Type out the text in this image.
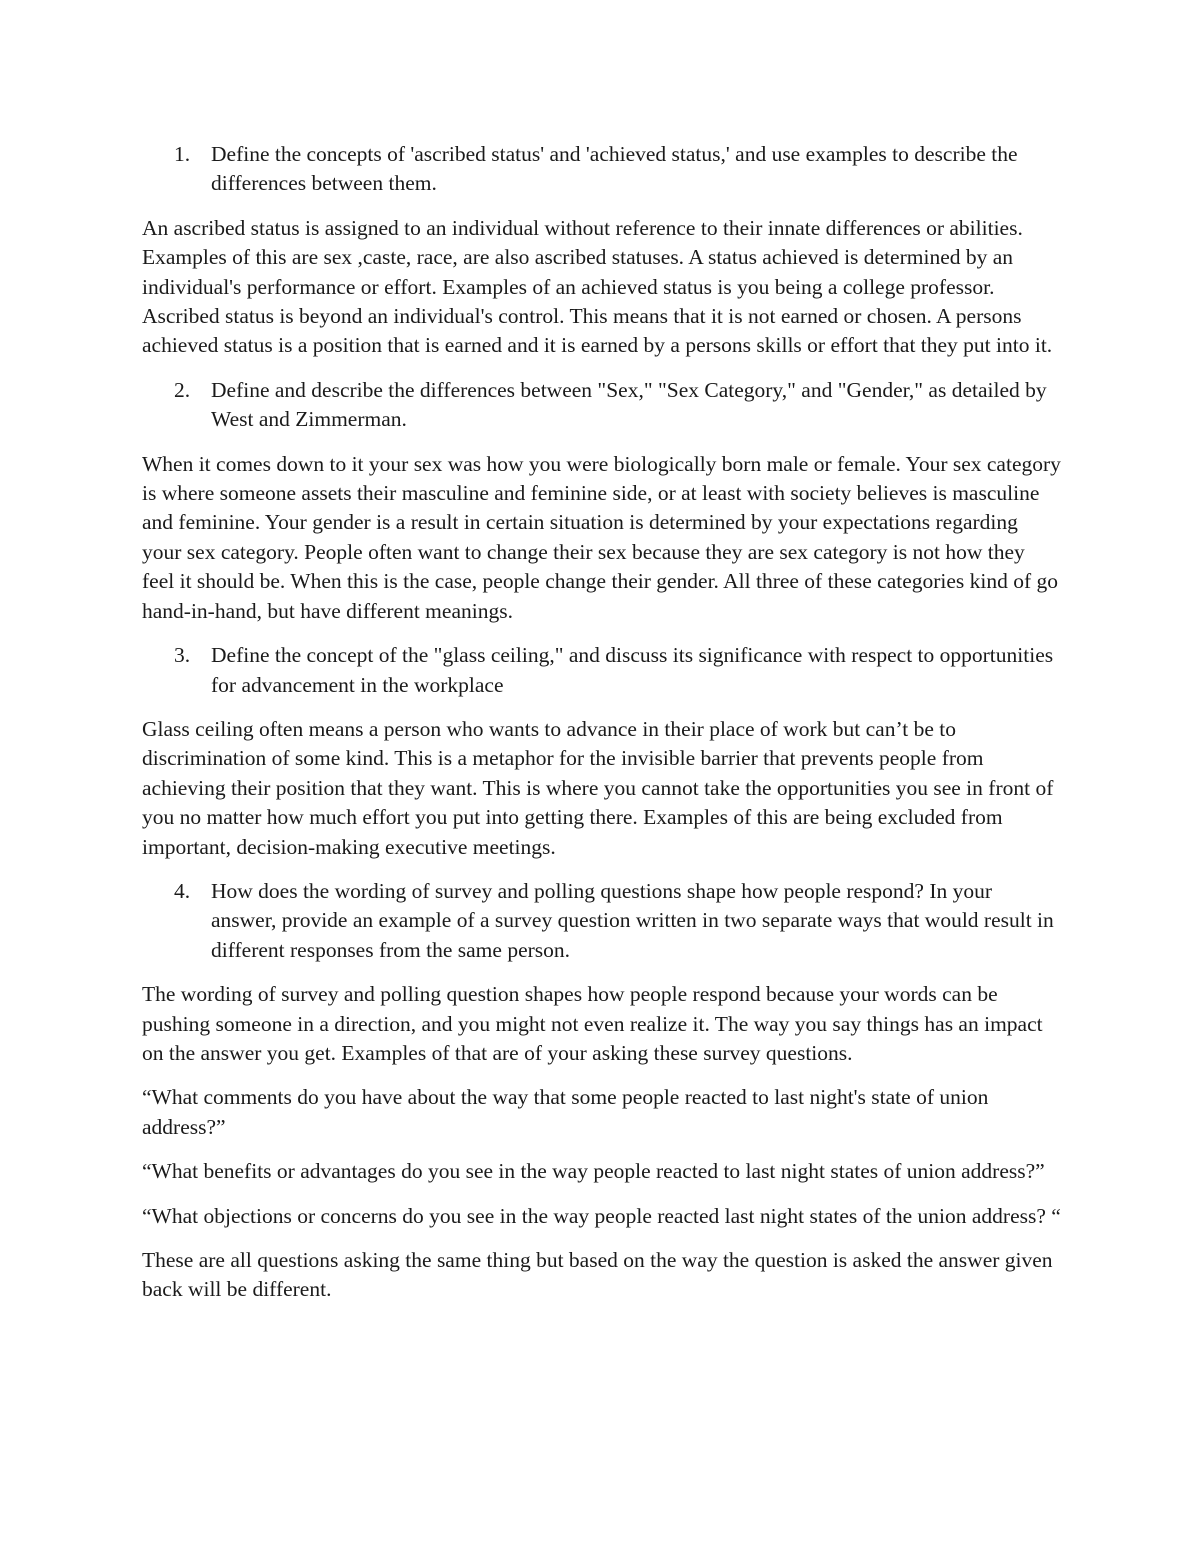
1. Define the concepts of 'ascribed status' and 'achieved status,' and use examples to describe the differences between them.

An ascribed status is assigned to an individual without reference to their innate differences or abilities. Examples of this are sex ,caste, race, are also ascribed statuses. A status achieved is determined by an individual's performance or effort. Examples of an achieved status is you being a college professor. Ascribed status is beyond an individual's control. This means that it is not earned or chosen. A persons achieved status is a position that is earned and it is earned by a persons skills or effort that they put into it.

2. Define and describe the differences between "Sex," "Sex Category," and "Gender," as detailed by West and Zimmerman.

When it comes down to it your sex was how you were biologically born male or female. Your sex category is where someone assets their masculine and feminine side, or at least with society believes is masculine and feminine. Your gender is a result in certain situation is determined by your expectations regarding your sex category. People often want to change their sex because they are sex category is not how they feel it should be. When this is the case, people change their gender. All three of these categories kind of go hand-in-hand, but have different meanings.

3. Define the concept of the "glass ceiling," and discuss its significance with respect to opportunities for advancement in the workplace

Glass ceiling often means a person who wants to advance in their place of work but can’t be to discrimination of some kind. This is a metaphor for the invisible barrier that prevents people from achieving their position that they want. This is where you cannot take the opportunities you see in front of you no matter how much effort you put into getting there. Examples of this are being excluded from important, decision-making executive meetings.

4. How does the wording of survey and polling questions shape how people respond? In your answer, provide an example of a survey question written in two separate ways that would result in different responses from the same person.

The wording of survey and polling question shapes how people respond because your words can be pushing someone in a direction, and you might not even realize it. The way you say things has an impact on the answer you get. Examples of that are of your asking these survey questions.

“What comments do you have about the way that some people reacted to last night's state of union address?”

“What benefits or advantages do you see in the way people reacted to last night states of union address?”

“What objections or concerns do you see in the way people reacted last night states of the union address? “

These are all questions asking the same thing but based on the way the question is asked the answer given back will be different.
